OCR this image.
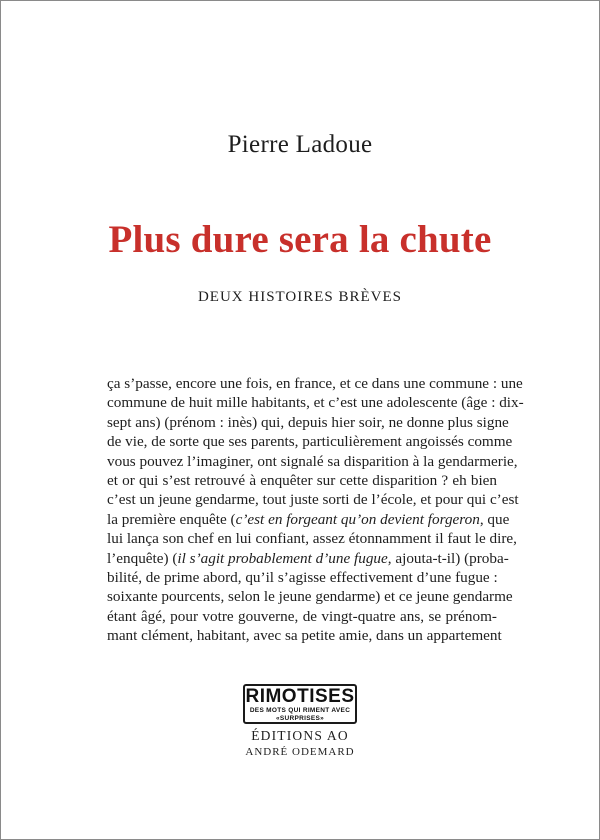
Pierre Ladoue
Plus dure sera la chute
DEUX HISTOIRES BRÈVES
ça s’passe, encore une fois, en france, et ce dans une commune : une
commune de huit mille habitants, et c’est une adolescente (âge : dix-
sept ans) (prénom : inès) qui, depuis hier soir, ne donne plus signe
de vie, de sorte que ses parents, particulièrement angoissés comme
vous pouvez l’imaginer, ont signalé sa disparition à la gendarmerie,
et or qui s’est retrouvé à enquêter sur cette disparition ? eh bien
c’est un jeune gendarme, tout juste sorti de l’école, et pour qui c’est
la première enquête (c’est en forgeant qu’on devient forgeron, que
lui lança son chef en lui confiant, assez étonnamment il faut le dire,
l’enquête) (il s’agit probablement d’une fugue, ajouta-t-il) (proba-
bilité, de prime abord, qu’il s’agisse effectivement d’une fugue :
soixante pourcents, selon le jeune gendarme) et ce jeune gendarme
étant âgé, pour votre gouverne, de vingt-quatre ans, se prénom-
mant clément, habitant, avec sa petite amie, dans un appartement
RIMOTISES
DES MOTS QUI RIMENT AVEC
«SURPRISES»
ÉDITIONS AO
ANDRÉ ODEMARD
